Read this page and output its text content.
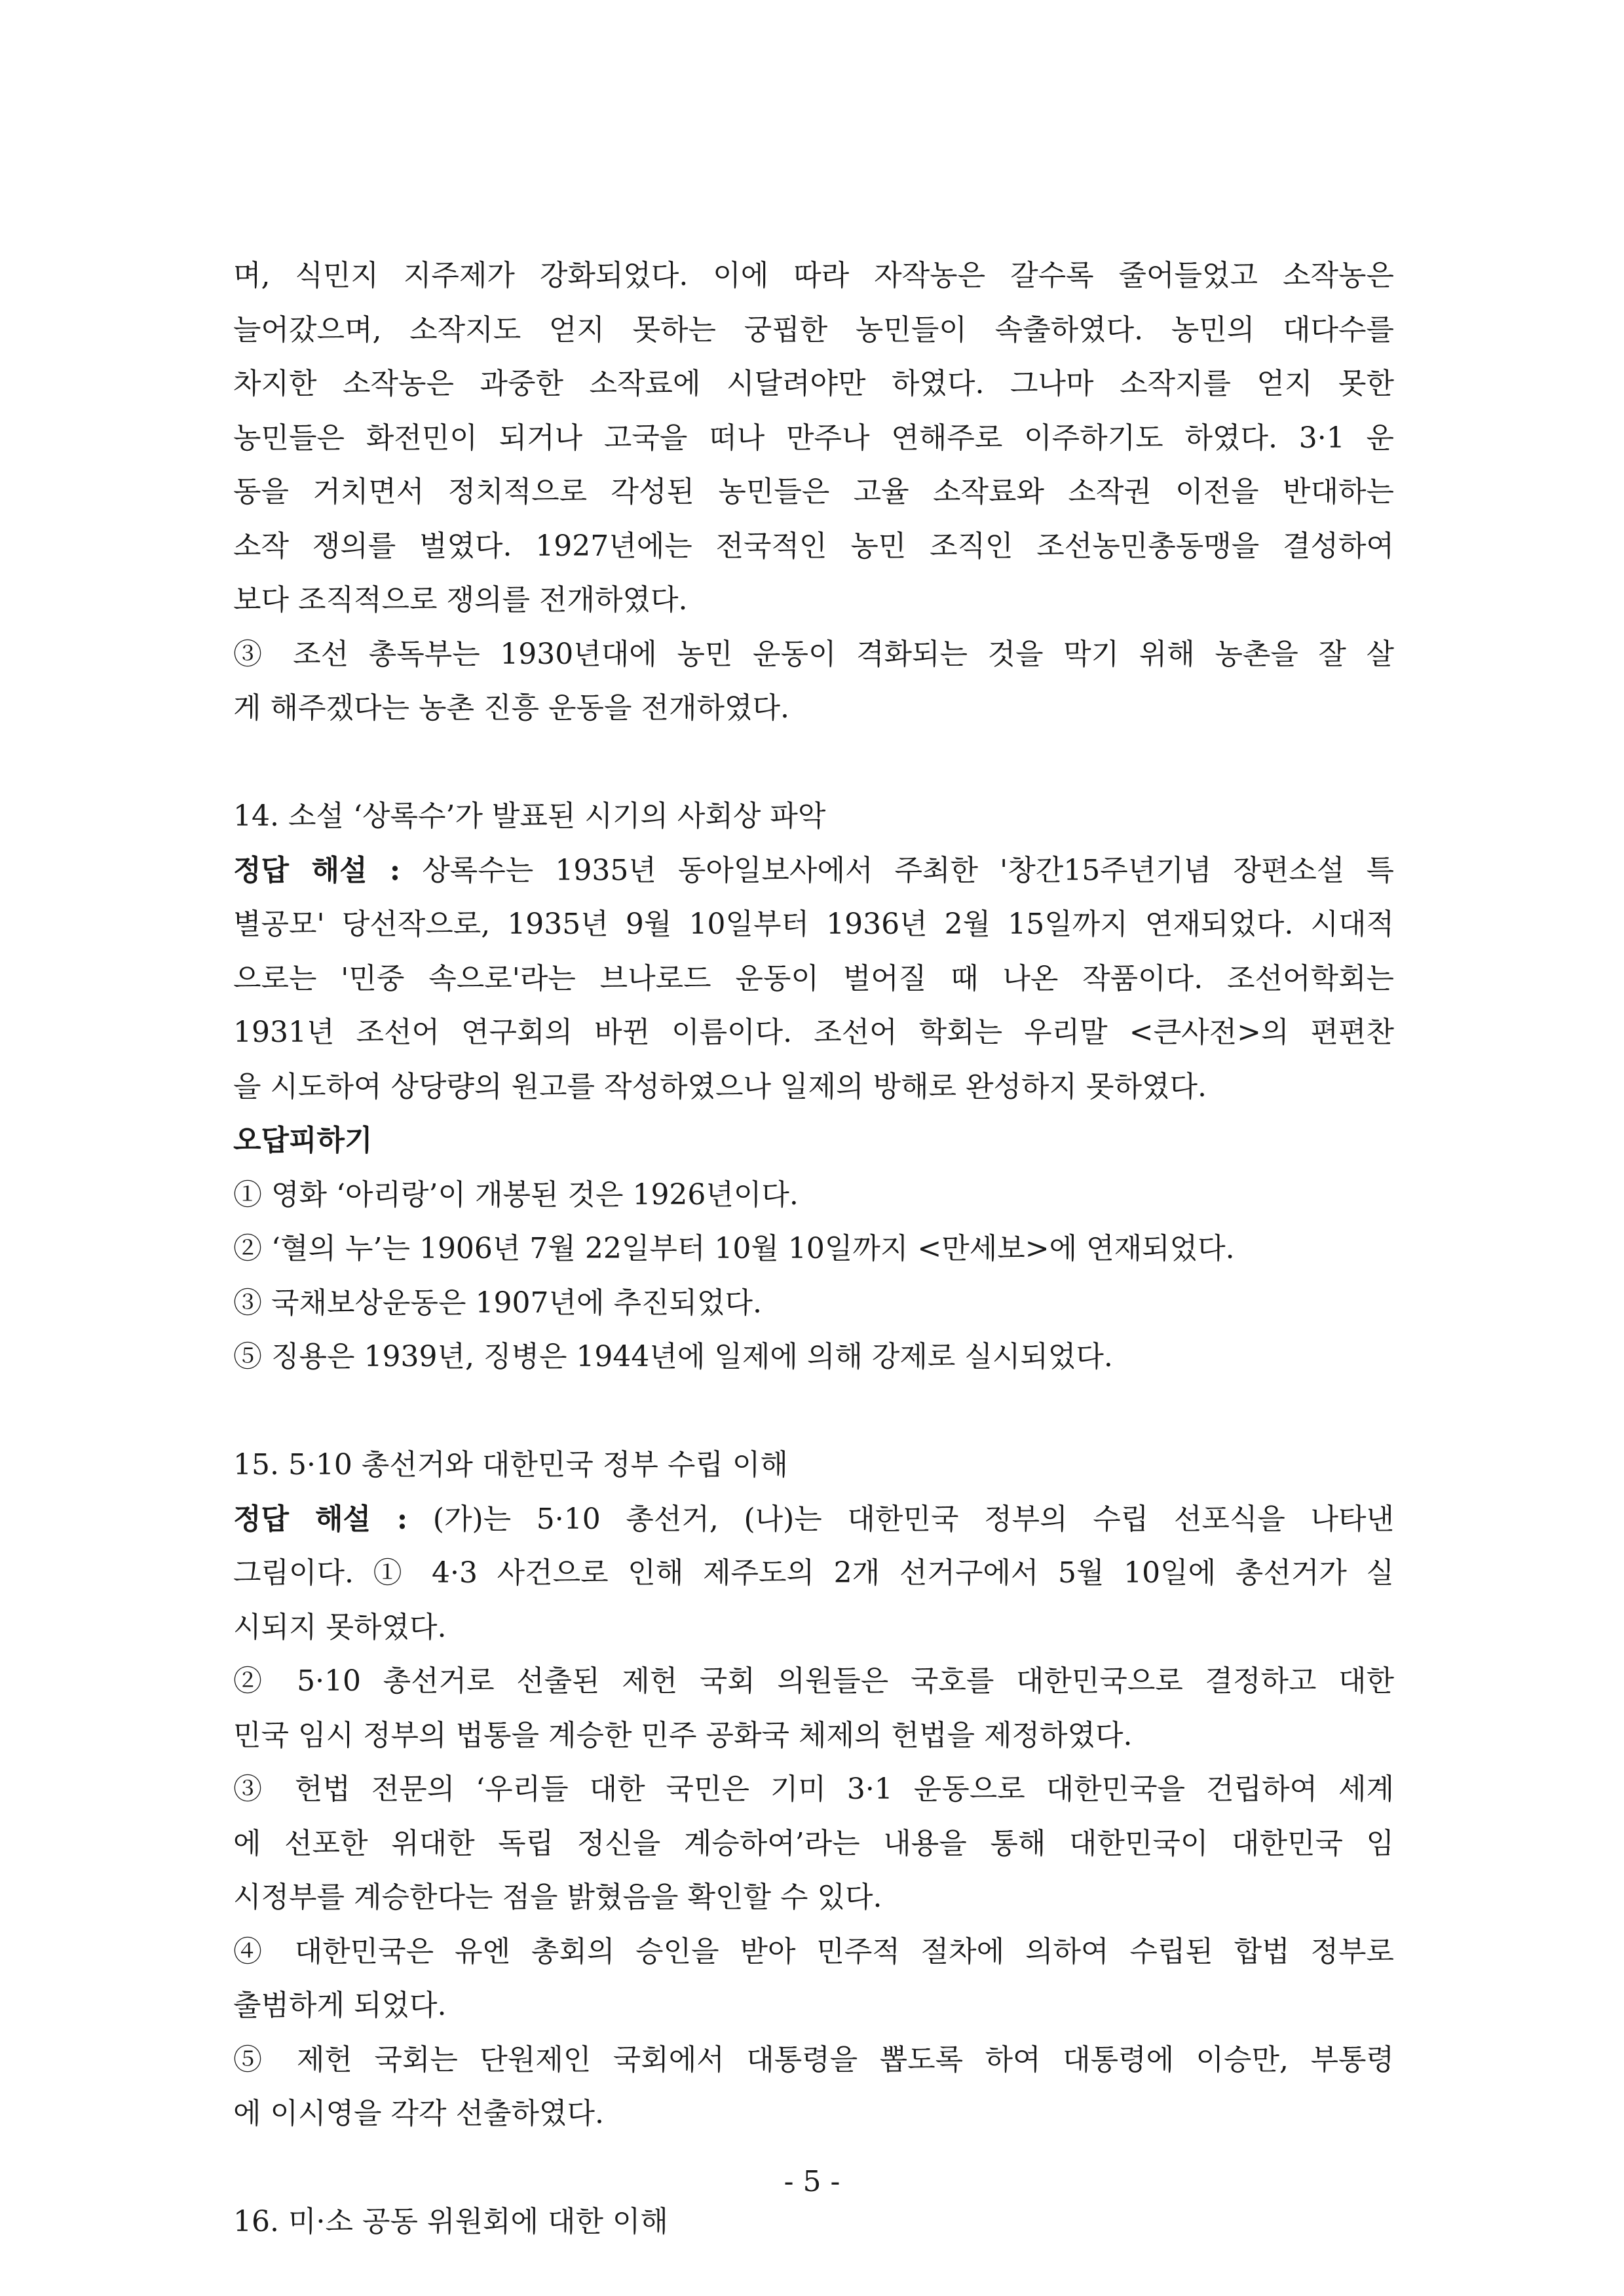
며, 식민지 지주제가 강화되었다. 이에 따라 자작농은 갈수록 줄어들었고 소작농은
늘어갔으며, 소작지도 얻지 못하는 궁핍한 농민들이 속출하였다. 농민의 대다수를
차지한 소작농은 과중한 소작료에 시달려야만 하였다. 그나마 소작지를 얻지 못한
농민들은 화전민이 되거나 고국을 떠나 만주나 연해주로 이주하기도 하였다. 3·1 운
동을 거치면서 정치적으로 각성된 농민들은 고율 소작료와 소작권 이전을 반대하는
소작 쟁의를 벌였다. 1927년에는 전국적인 농민 조직인 조선농민총동맹을 결성하여
보다 조직적으로 쟁의를 전개하였다.
③ 조선 총독부는 1930년대에 농민 운동이 격화되는 것을 막기 위해 농촌을 잘 살
게 해주겠다는 농촌 진흥 운동을 전개하였다.
14. 소설 ‘상록수’가 발표된 시기의 사회상 파악
정답 해설 : 상록수는 1935년 동아일보사에서 주최한 '창간15주년기념 장편소설 특
별공모' 당선작으로, 1935년 9월 10일부터 1936년 2월 15일까지 연재되었다. 시대적
으로는 '민중 속으로'라는 브나로드 운동이 벌어질 때 나온 작품이다. 조선어학회는
1931년 조선어 연구회의 바뀐 이름이다. 조선어 학회는 우리말 <큰사전>의 편편찬
을 시도하여 상당량의 원고를 작성하였으나 일제의 방해로 완성하지 못하였다.
오답피하기
① 영화 ‘아리랑’이 개봉된 것은 1926년이다.
② ‘혈의 누’는 1906년 7월 22일부터 10월 10일까지 <만세보>에 연재되었다.
③ 국채보상운동은 1907년에 추진되었다.
⑤ 징용은 1939년, 징병은 1944년에 일제에 의해 강제로 실시되었다.
15. 5·10 총선거와 대한민국 정부 수립 이해
정답 해설 : (가)는 5·10 총선거, (나)는 대한민국 정부의 수립 선포식을 나타낸
그림이다. ① 4·3 사건으로 인해 제주도의 2개 선거구에서 5월 10일에 총선거가 실
시되지 못하였다.
② 5·10 총선거로 선출된 제헌 국회 의원들은 국호를 대한민국으로 결정하고 대한
민국 임시 정부의 법통을 계승한 민주 공화국 체제의 헌법을 제정하였다.
③ 헌법 전문의 ‘우리들 대한 국민은 기미 3·1 운동으로 대한민국을 건립하여 세계
에 선포한 위대한 독립 정신을 계승하여’라는 내용을 통해 대한민국이 대한민국 임
시정부를 계승한다는 점을 밝혔음을 확인할 수 있다.
④ 대한민국은 유엔 총회의 승인을 받아 민주적 절차에 의하여 수립된 합법 정부로
출범하게 되었다.
⑤ 제헌 국회는 단원제인 국회에서 대통령을 뽑도록 하여 대통령에 이승만, 부통령
에 이시영을 각각 선출하였다.
16. 미·소 공동 위원회에 대한 이해
- 5 -
